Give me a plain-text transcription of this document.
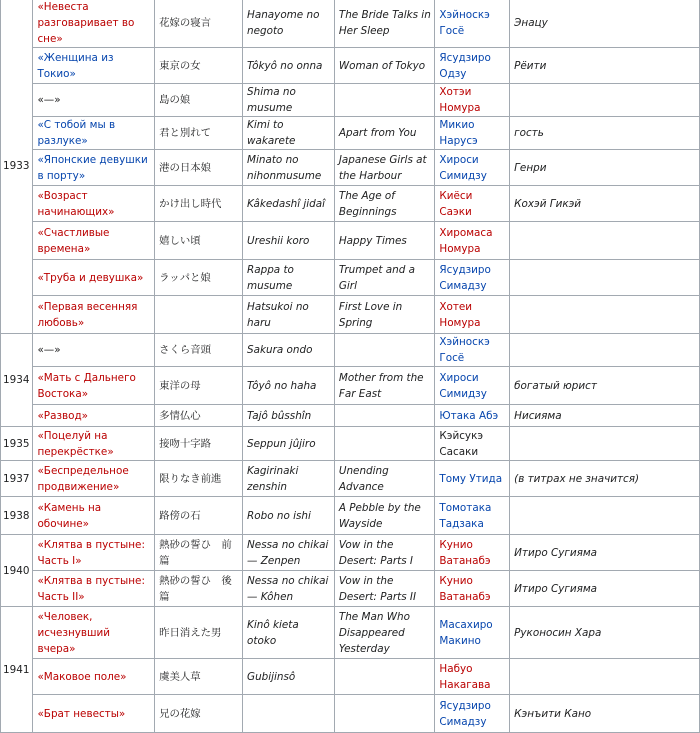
1933	«Невеста разговаривает во сне»	花嫁の寝言	Hanayome no negoto	The Bride Talks in Her Sleep	Хэйноскэ Госё	Энацу
	«Женщина из Токио»	東京の女	Tôkyô no onna	Woman of Tokyo	Ясудзиро Одзу	Рёити
	«—»	島の娘	Shima no musume		Хотэи Номура	
	«С тобой мы в разлуке»	君と別れて	Kimi to wakarete	Apart from You	Микио Нарусэ	гость
	«Японские девушки в порту»	港の日本娘	Minato no nihonmusume	Japanese Girls at the Harbour	Хироси Симидзу	Генри
	«Возраст начинающих»	かけ出し時代	Kâkedashî jidaî	The Age of Beginnings	Киёси Саэки	Кохэй Гикэй
	«Счастливые времена»	嬉しい頃	Ureshii koro	Happy Times	Хиромаса Номура	
	«Труба и девушка»	ラッパと娘	Rappa to musume	Trumpet and a Girl	Ясудзиро Симадзу	
	«Первая весенняя любовь»		Hatsukoi no haru	First Love in Spring	Хотеи Номура	
1934	«—»	さくら音頭	Sakura ondo		Хэйноскэ Госё	
	«Мать с Дальнего Востока»	東洋の母	Tôyô no haha	Mother from the Far East	Хироси Симидзу	богатый юрист
	«Развод»	多情仏心	Tajô bûsshîn		Ютака Абэ	Нисияма
1935	«Поцелуй на перекрёстке»	接吻十字路	Seppun jûjiro		Кэйсукэ Сасаки	
1937	«Беспредельное продвижение»	限りなき前進	Kagirinaki zenshin	Unending Advance	Тому Утида	(в титрах не значится)
1938	«Камень на обочине»	路傍の石	Robo no ishi	A Pebble by the Wayside	Томотака Тадзака	
1940	«Клятва в пустыне: Часть I»	熱砂の誓ひ　前篇	Nessa no chikai — Zenpen	Vow in the Desert: Parts I	Кунио Ватанабэ	Итиро Сугияма
	«Клятва в пустыне: Часть II»	熱砂の誓ひ　後篇	Nessa no chikai — Kôhen	Vow in the Desert: Parts II	Кунио Ватанабэ	Итиро Сугияма
1941	«Человек, исчезнувший вчера»	昨日消えた男	Kinô kieta otoko	The Man Who Disappeared Yesterday	Масахиро Макино	Руконосин Хара
	«Маковое поле»	虞美人草	Gubijinsô		Набуо Накагава	
	«Брат невесты»	兄の花嫁			Ясудзиро Симадзу	Кэнъити Кано
